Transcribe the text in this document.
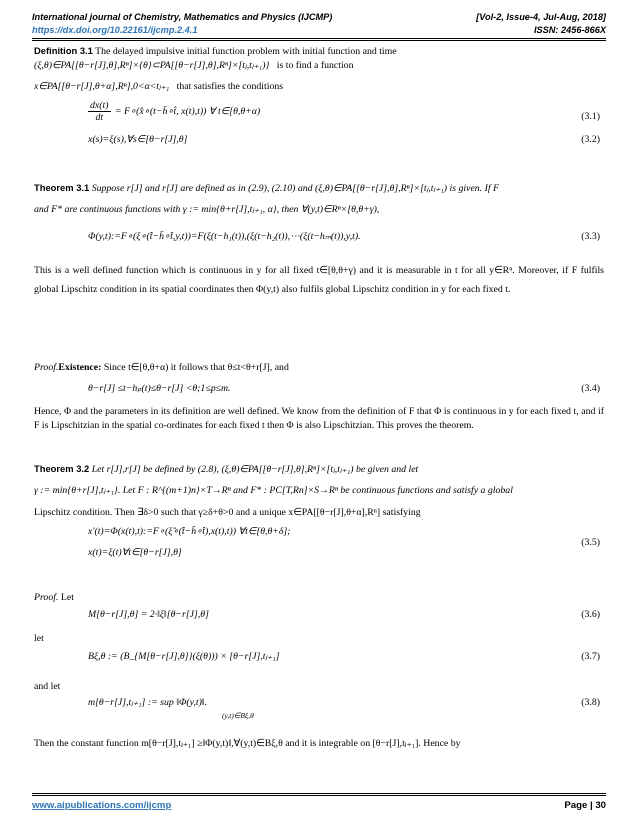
International journal of Chemistry, Mathematics and Physics (IJCMP)	[Vol-2, Issue-4, Jul-Aug, 2018]
https://dx.doi.org/10.22161/ijcmp.2.4.1	ISSN: 2456-866X
Definition 3.1 The delayed impulsive initial function problem with initial function and time
(ξ,θ)∈PA[[θ−r[J],θ],Rⁿ]×{θ}⊂PA[[θ−r[J],θ],Rⁿ]×[tⱼ,tⱼ₊₁)} is to find a function
x∈PA[[θ−r[J],θ+α],Rⁿ],0<α<tⱼ₊₁ that satisfies the conditions
$\frac{dx(t)}{dt}$ = F∘(x̂∘(t−h̄∘t̂, x(t),t)) ∀ t∈[θ,θ+α)	(3.1)
x(s)=ξ(s),∀s∈[θ−r[J],θ]	(3.2)
Theorem 3.1 Suppose r[J] and r[J] are defined as in (2.9), (2.10) and (ξ,θ)∈PA[[θ−r[J],θ],Rⁿ]×[tⱼ,tⱼ₊₁) is given. If F
and F* are continuous functions with γ := min{θ+r[J],tⱼ₊₁, α}, then ∀(y,t)∈Rⁿ×[θ,θ+γ),
Φ(y,t):=F∘(ξ∘(t̂−h̄∘t̂,y,t))=F(ξ(t−h₁(t)),(ξ(t−h₂(t)),⋯(ξ(t−hₘ(t)),y,t).	(3.3)
This is a well defined function which is continuous in y for all fixed t∈[θ,θ+γ) and it is measurable in t for all y∈Rⁿ. Moreover, if F fulfils global Lipschitz condition in its spatial coordinates then Φ(y,t) also fulfils global Lipschitz condition in y for each fixed t.
Proof.Existence: Since t∈[θ,θ+α) it follows that θ≤t<θ+r[J], and
θ−r[J] ≤t−hₚ(t)≤θ−r[J] <θ;1≤p≤m.	(3.4)
Hence, Φ and the parameters in its definition are well defined. We know from the definition of F that Φ is continuous in y for each fixed t, and if F is Lipschitzian in the spatial co-ordinates for each fixed t then Φ is also Lipschitzian. This proves the theorem.
Theorem 3.2 Let r[J],r[J] be defined by (2.8), (ξ,θ)∈PA[[θ−r[J],θ],Rⁿ]×[tⱼ,tⱼ₊₁) be given and let
γ := min{θ+r[J],tⱼ₊₁}. Let F : R^{(m+1)n}×T→Rⁿ and F* : PC[T,Rn]×S→Rⁿ be continuous functions and satisfy a global
Lipschitz condition. Then ∃δ>0 such that γ≥δ+θ>0 and a unique x∈PA[[θ−r[J],θ+α],Rⁿ] satisfying
x'(t)=Φ(x(t),t):=F∘(ξ̂∘(t̂−h̄∘t̂),x(t),t)) ∀t∈[θ,θ+δ];
x(t)=ξ(t)∀t∈[θ−r[J],θ]
(3.5)
Proof. Let
M[θ−r[J],θ] = 2·‖ξ‖[θ−r[J],θ]	(3.6)
let
Bξ,θ := (B_{M[θ−r[J],θ]}(ξ(θ))) × [θ−r[J],tⱼ₊₁]	(3.7)
and let
m[θ−r[J],tⱼ₊₁] := sup ‖Φ(y,t)‖.
(y,t)∈Bξ,θ
(3.8)
Then the constant function m[θ−r[J],tⱼ₊₁] ≥‖Φ(y,t)‖,∀(y,t)∈Bξ,θ and it is integrable on [θ−r[J],tⱼ₊₁]. Hence by
www.aipublications.com/ijcmp	Page | 30
